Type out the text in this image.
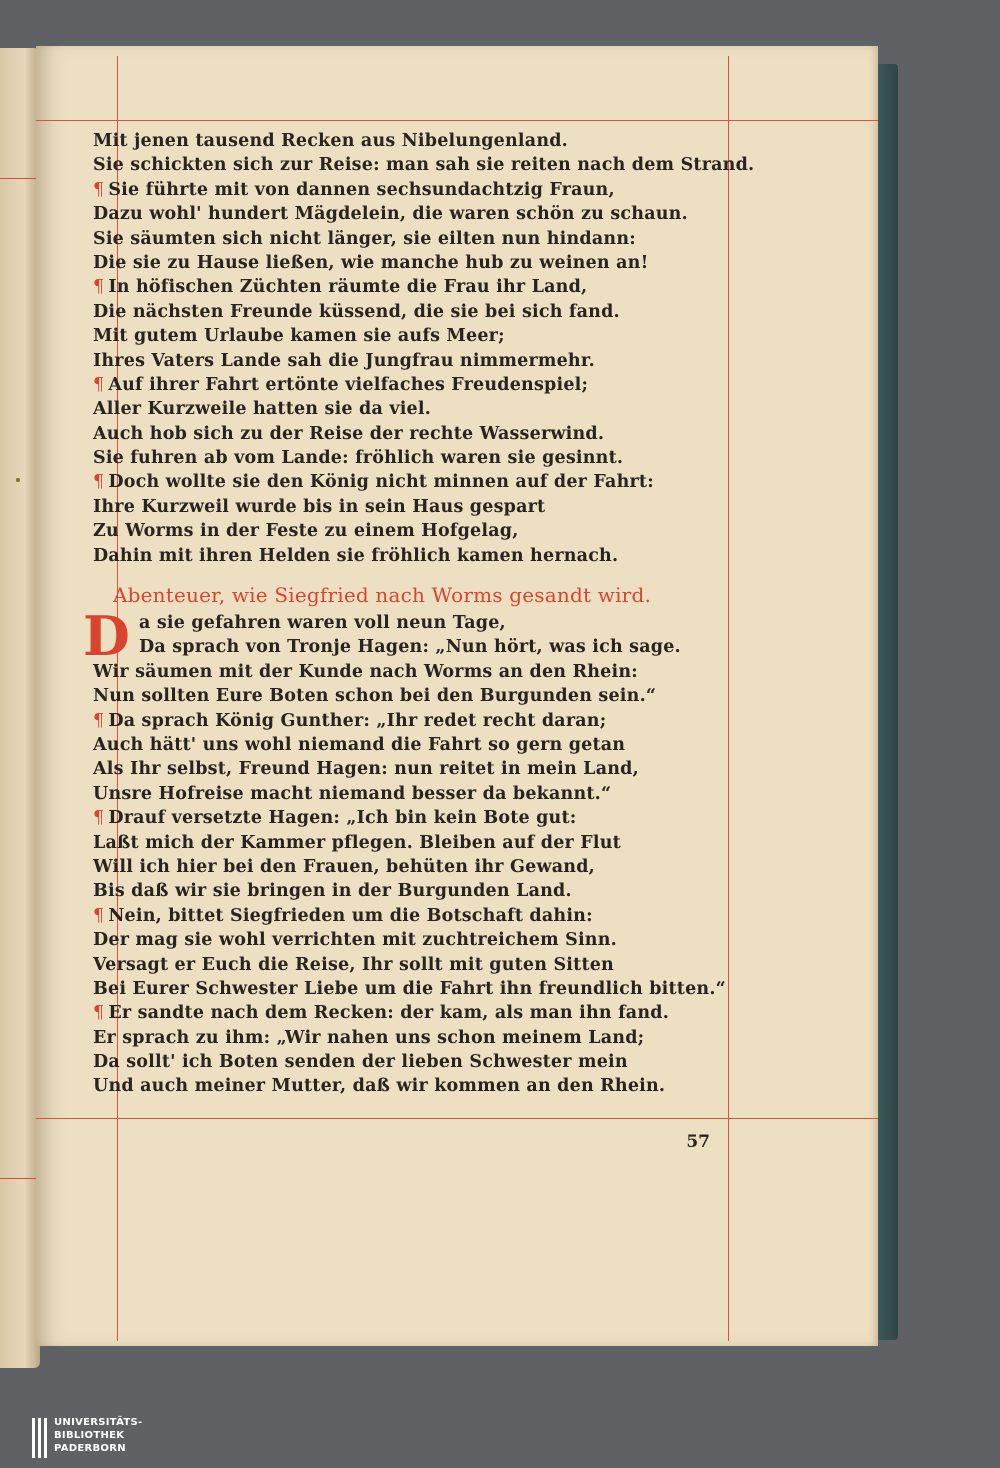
Mit jenen tausend Recken aus Nibelungenland.
Sie schickten sich zur Reise: man sah sie reiten nach dem Strand.
¶ Sie führte mit von dannen sechsundachtzig Fraun,
Dazu wohl' hundert Mägdelein, die waren schön zu schaun.
Sie säumten sich nicht länger, sie eilten nun hindann:
Die sie zu Hause ließen, wie manche hub zu weinen an!
¶ In höfischen Züchten räumte die Frau ihr Land,
Die nächsten Freunde küssend, die sie bei sich fand.
Mit gutem Urlaube kamen sie aufs Meer;
Ihres Vaters Lande sah die Jungfrau nimmermehr.
¶ Auf ihrer Fahrt ertönte vielfaches Freudenspiel;
Aller Kurzweile hatten sie da viel.
Auch hob sich zu der Reise der rechte Wasserwind.
Sie fuhren ab vom Lande: fröhlich waren sie gesinnt.
¶ Doch wollte sie den König nicht minnen auf der Fahrt:
Ihre Kurzweil wurde bis in sein Haus gespart
Zu Worms in der Feste zu einem Hofgelag,
Dahin mit ihren Helden sie fröhlich kamen hernach.
Abenteuer, wie Siegfried nach Worms gesandt wird.
D a sie gefahren waren voll neun Tage,
Da sprach von Tronje Hagen: „Nun hört, was ich sage.
Wir säumen mit der Kunde nach Worms an den Rhein:
Nun sollten Eure Boten schon bei den Burgunden sein.“
¶ Da sprach König Gunther: „Ihr redet recht daran;
Auch hätt' uns wohl niemand die Fahrt so gern getan
Als Ihr selbst, Freund Hagen: nun reitet in mein Land,
Unsre Hofreise macht niemand besser da bekannt.“
¶ Drauf versetzte Hagen: „Ich bin kein Bote gut:
Laßt mich der Kammer pflegen. Bleiben auf der Flut
Will ich hier bei den Frauen, behüten ihr Gewand,
Bis daß wir sie bringen in der Burgunden Land.
¶ Nein, bittet Siegfrieden um die Botschaft dahin:
Der mag sie wohl verrichten mit zuchtreichem Sinn.
Versagt er Euch die Reise, Ihr sollt mit guten Sitten
Bei Eurer Schwester Liebe um die Fahrt ihn freundlich bitten.“
¶ Er sandte nach dem Recken: der kam, als man ihn fand.
Er sprach zu ihm: „Wir nahen uns schon meinem Land;
Da sollt' ich Boten senden der lieben Schwester mein
Und auch meiner Mutter, daß wir kommen an den Rhein.
57
UNIVERSITÄTS-
BIBLIOTHEK
PADERBORN
